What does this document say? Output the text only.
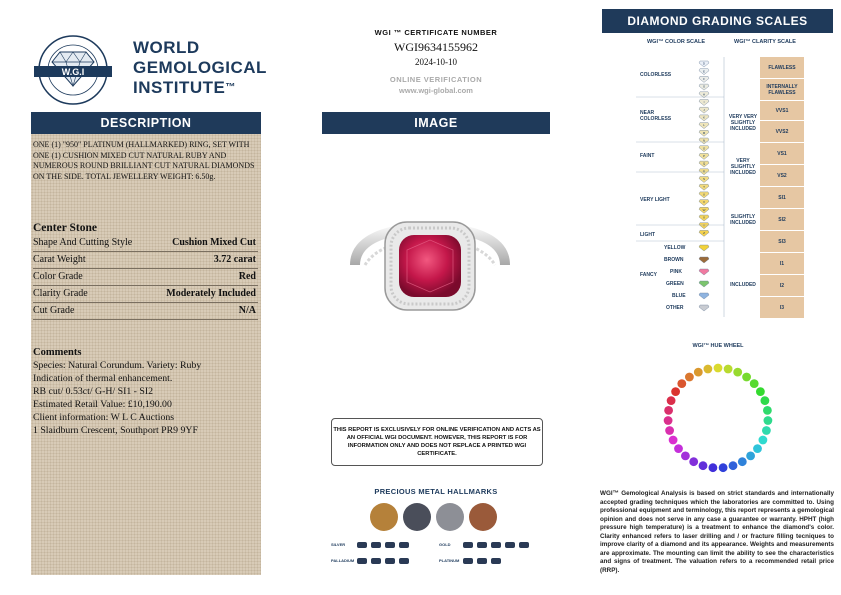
W.G.I
WORLD
GEMOLOGICAL
INSTITUTE™
DESCRIPTION
ONE (1) "950" PLATINUM (HALLMARKED) RING, SET WITH ONE (1) CUSHION MIXED CUT NATURAL RUBY AND NUMEROUS ROUND BRILLIANT CUT NATURAL DIAMONDS ON THE SIDE. TOTAL JEWELLERY WEIGHT: 6.50g.
Center Stone
Shape And Cutting Style	Cushion Mixed Cut
Carat Weight	3.72 carat
Color Grade	Red
Clarity Grade	Moderately Included
Cut Grade	N/A
Comments
Species: Natural Corundum. Variety: Ruby
Indication of thermal enhancement.
RB cut/ 0.53ct/ G-H/ SI1 - SI2
Estimated Retail Value: £10,190.00
Client information: W L C Auctions
1 Slaidburn Crescent, Southport PR9 9YF
WGI ™ CERTIFICATE NUMBER
WGI9634155962
2024-10-10
ONLINE VERIFICATION
www.wgi-global.com
IMAGE
THIS REPORT IS EXCLUSIVELY FOR ONLINE VERIFICATION AND ACTS AS AN OFFICIAL WGI DOCUMENT. HOWEVER, THIS REPORT IS FOR INFORMATION ONLY AND DOES NOT REPLACE A PRINTED WGI CERTIFICATE.
PRECIOUS METAL HALLMARKS
SILVER	GOLD
PALLADIUM	PLATINUM
DIAMOND GRADING SCALES
WGI™ COLOR SCALE	WGI™ CLARITY SCALE
D
E
F
G
H
I
J
K
L
M
N
O
P
Q
R
S
T
U
V
W
X
Y
Z
COLORLESS
NEAR COLORLESS
FAINT
VERY LIGHT
LIGHT
FANCY
YELLOW
BROWN
PINK
GREEN
BLUE
OTHER
VERY VERY SLIGHTLY INCLUDED
VERY SLIGHTLY INCLUDED
SLIGHTLY INCLUDED
INCLUDED
FLAWLESS
INTERNALLY FLAWLESS
VVS1
VVS2
VS1
VS2
SI1
SI2
SI3
I1
I2
I3
WGI™ HUE WHEEL
WGI™ Gemological Analysis is based on strict standards and internationally accepted grading techniques which the laboratories are committed to. Using professional equipment and terminology, this report represents a gemological opinion and does not serve in any case a guarantee or warranty. HPHT (high pressure high temperature) is a treatment to enhance the diamond's color. Clarity enhanced refers to laser drilling and / or fracture filling tecniques to improve clarity of a diamond and its appearance. Weights and measurements are approximate. The mounting can limit the ability to see the characteristics and signs of treatment. The valuation refers to a recommended retail price (RRP).
